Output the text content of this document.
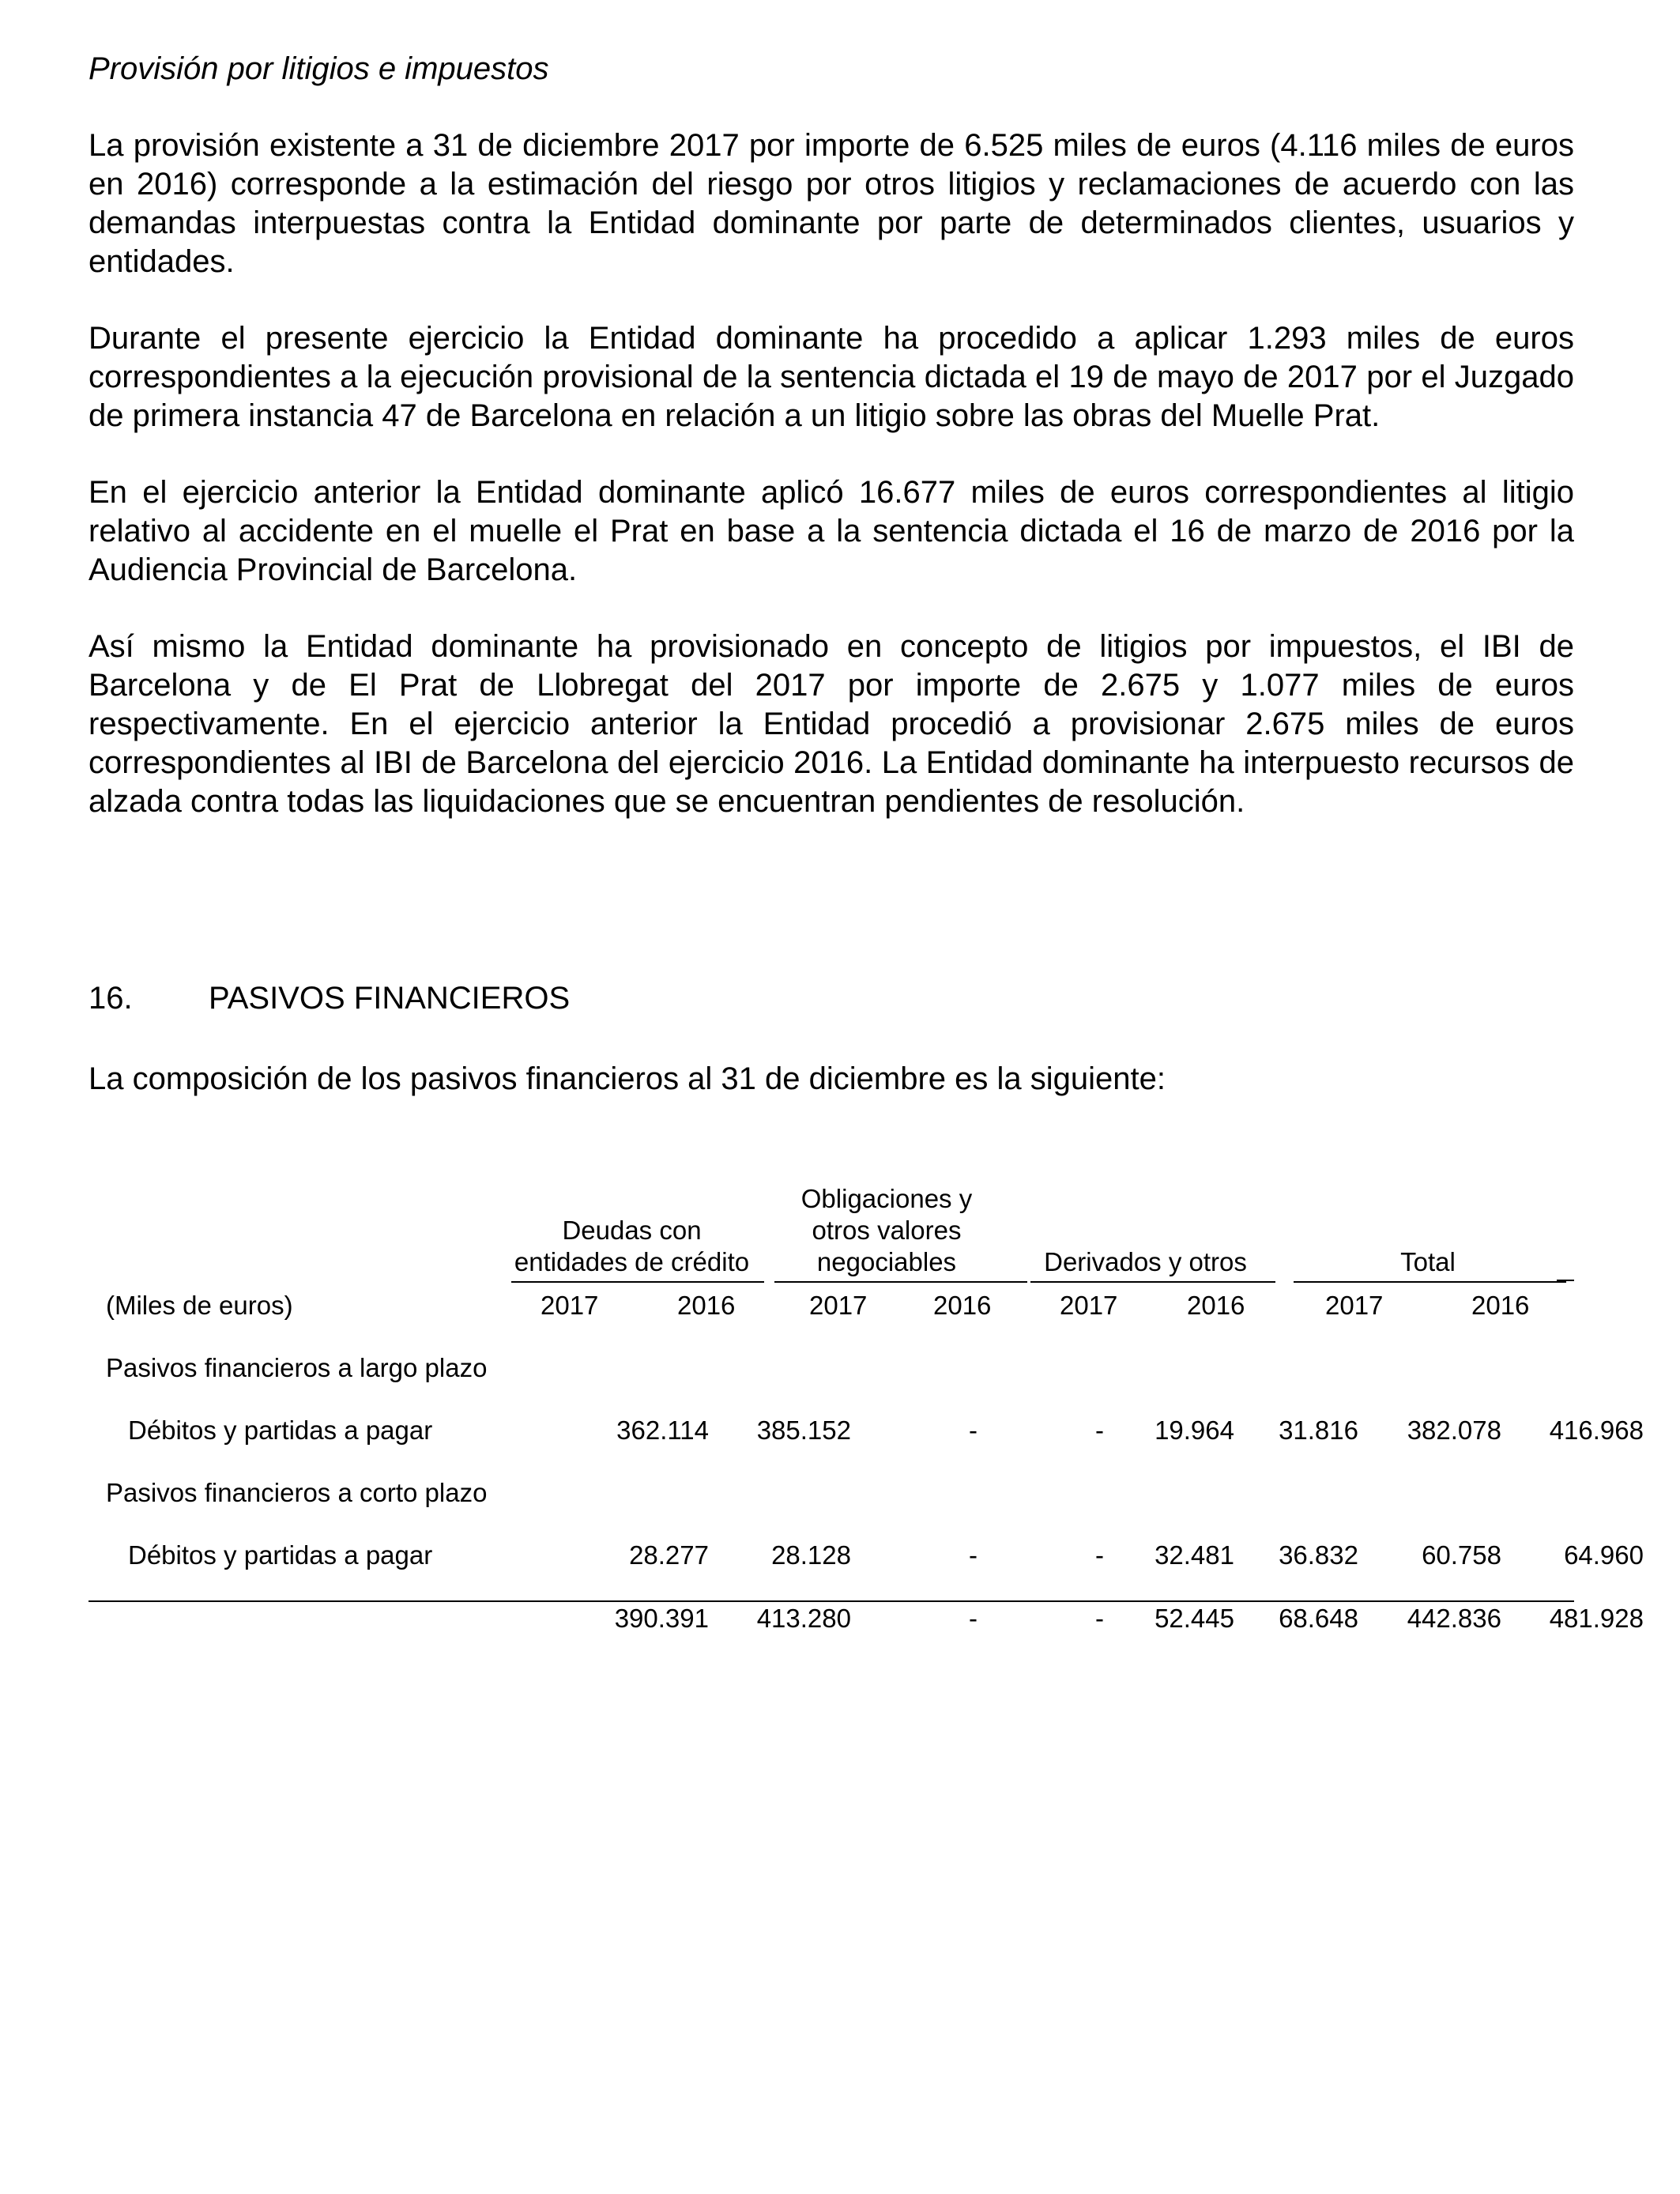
Provisión por litigios e impuestos

La provisión existente a 31 de diciembre 2017 por importe de 6.525 miles de euros (4.116 miles de euros en 2016) corresponde a la estimación del riesgo por otros litigios y reclamaciones de acuerdo con las demandas interpuestas contra la Entidad dominante por parte de determinados clientes, usuarios y entidades.

Durante el presente ejercicio la Entidad dominante ha procedido a aplicar 1.293 miles de euros correspondientes a la ejecución provisional de la sentencia dictada el 19 de mayo de 2017 por el Juzgado de primera instancia 47 de Barcelona en relación a un litigio sobre las obras del Muelle Prat.

En el ejercicio anterior la Entidad dominante aplicó 16.677 miles de euros correspondientes al litigio relativo al accidente en el muelle el Prat en base a la sentencia dictada el 16 de marzo de 2016 por la Audiencia Provincial de Barcelona.

Así mismo la Entidad dominante ha provisionado en concepto de litigios por impuestos, el IBI de Barcelona y de El Prat de Llobregat del 2017 por importe de 2.675 y 1.077 miles de euros respectivamente. En el ejercicio anterior la Entidad procedió a provisionar 2.675 miles de euros correspondientes al IBI de Barcelona del ejercicio 2016. La Entidad dominante ha interpuesto recursos de alzada contra todas las liquidaciones que se encuentran pendientes de resolución.

16. PASIVOS FINANCIEROS

La composición de los pasivos financieros al 31 de diciembre es la siguiente:

Deudas con
entidades de crédito
Obligaciones y
otros valores
negociables	Derivados y otros	Total
(Miles de euros)	2017	2016	2017	2016	2017	2016	2017	2016
Pasivos financieros a largo plazo
Débitos y partidas a pagar	362.114	385.152	-	-	19.964	31.816	382.078	416.968
Pasivos financieros a corto plazo
Débitos y partidas a pagar	28.277	28.128	-	-	32.481	36.832	60.758	64.960
390.391	413.280	-	-	52.445	68.648	442.836	481.928
